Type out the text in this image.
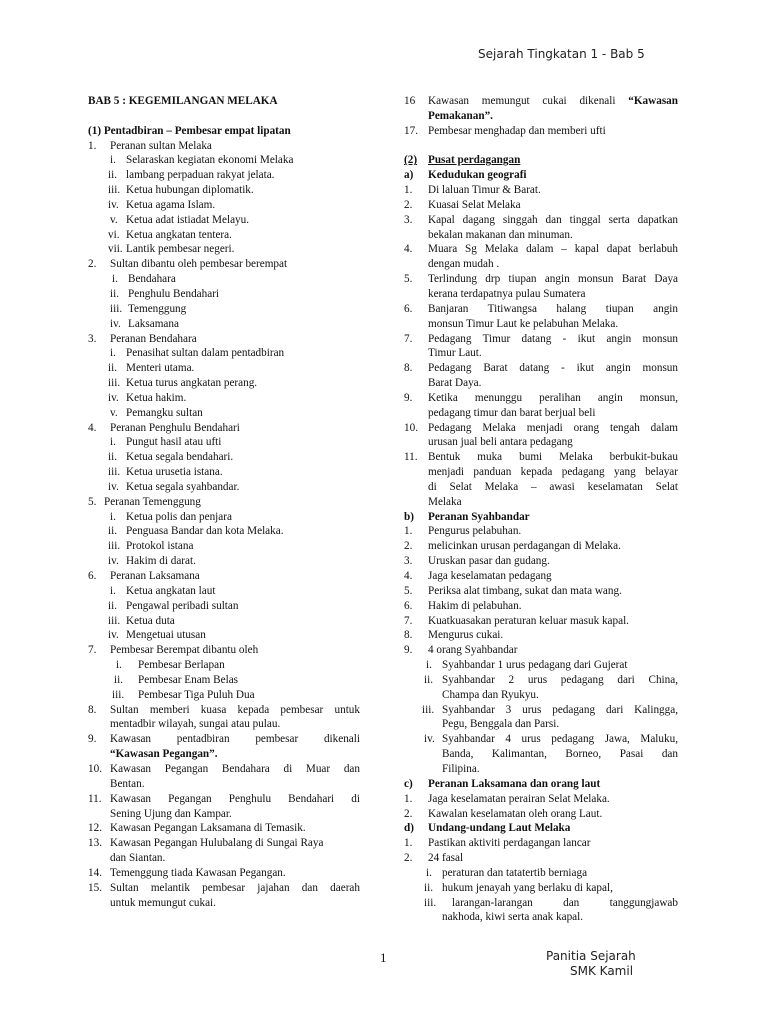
Sejarah Tingkatan 1 - Bab 5
BAB 5 : KEGEMILANGAN MELAKA
(1) Pentadbiran – Pembesar empat lipatan
1. Peranan sultan Melaka
i. Selaraskan kegiatan ekonomi Melaka
ii. lambang perpaduan rakyat jelata.
iii. Ketua hubungan diplomatik.
iv. Ketua agama Islam.
v. Ketua adat istiadat Melayu.
vi. Ketua angkatan tentera.
vii. Lantik pembesar negeri.
2. Sultan dibantu oleh pembesar berempat
i. Bendahara
ii. Penghulu Bendahari
iii. Temenggung
iv. Laksamana
3. Peranan Bendahara
i. Penasihat sultan dalam pentadbiran
ii. Menteri utama.
iii. Ketua turus angkatan perang.
iv. Ketua hakim.
v. Pemangku sultan
4. Peranan Penghulu Bendahari
i. Pungut hasil atau ufti
ii. Ketua segala bendahari.
iii. Ketua urusetia istana.
iv. Ketua segala syahbandar.
5. Peranan Temenggung
i. Ketua polis dan penjara
ii. Penguasa Bandar dan kota Melaka.
iii. Protokol istana
iv. Hakim di darat.
6. Peranan Laksamana
i. Ketua angkatan laut
ii. Pengawal peribadi sultan
iii. Ketua duta
iv. Mengetuai utusan
7. Pembesar Berempat dibantu oleh
i. Pembesar Berlapan
ii. Pembesar Enam Belas
iii. Pembesar Tiga Puluh Dua
8. Sultan memberi kuasa kepada pembesar untuk
mentadbir wilayah, sungai atau pulau.
9. Kawasan pentadbiran pembesar dikenali
“Kawasan Pegangan”.
10. Kawasan Pegangan Bendahara di Muar dan
Bentan.
11. Kawasan Pegangan Penghulu Bendahari di
Sening Ujung dan Kampar.
12. Kawasan Pegangan Laksamana di Temasik.
13. Kawasan Pegangan Hulubalang di Sungai Raya
dan Siantan.
14. Temenggung tiada Kawasan Pegangan.
15. Sultan melantik pembesar jajahan dan daerah
untuk memungut cukai.
16 Kawasan memungut cukai dikenali “Kawasan
Pemakanan”.
17. Pembesar menghadap dan memberi ufti
(2) Pusat perdagangan
a) Kedudukan geografi
1. Di laluan Timur & Barat.
2. Kuasai Selat Melaka
3. Kapal dagang singgah dan tinggal serta dapatkan
bekalan makanan dan minuman.
4. Muara Sg Melaka dalam – kapal dapat berlabuh
dengan mudah .
5. Terlindung drp tiupan angin monsun Barat Daya
kerana terdapatnya pulau Sumatera
6. Banjaran Titiwangsa halang tiupan angin
monsun Timur Laut ke pelabuhan Melaka.
7. Pedagang Timur datang - ikut angin monsun
Timur Laut.
8. Pedagang Barat datang - ikut angin monsun
Barat Daya.
9. Ketika menunggu peralihan angin monsun,
pedagang timur dan barat berjual beli
10. Pedagang Melaka menjadi orang tengah dalam
urusan jual beli antara pedagang
11. Bentuk muka bumi Melaka berbukit-bukau
menjadi panduan kepada pedagang yang belayar
di Selat Melaka – awasi keselamatan Selat
Melaka
b) Peranan Syahbandar
1. Pengurus pelabuhan.
2. melicinkan urusan perdagangan di Melaka.
3. Uruskan pasar dan gudang.
4. Jaga keselamatan pedagang
5. Periksa alat timbang, sukat dan mata wang.
6. Hakim di pelabuhan.
7. Kuatkuasakan peraturan keluar masuk kapal.
8. Mengurus cukai.
9. 4 orang Syahbandar
i. Syahbandar 1 urus pedagang dari Gujerat
ii. Syahbandar 2 urus pedagang dari China,
Champa dan Ryukyu.
iii. Syahbandar 3 urus pedagang dari Kalingga,
Pegu, Benggala dan Parsi.
iv. Syahbandar 4 urus pedagang Jawa, Maluku,
Banda, Kalimantan, Borneo, Pasai dan
Filipina.
c) Peranan Laksamana dan orang laut
1. Jaga keselamatan perairan Selat Melaka.
2. Kawalan keselamatan oleh orang Laut.
d) Undang-undang Laut Melaka
1. Pastikan aktiviti perdagangan lancar
2. 24 fasal
i. peraturan dan tatatertib berniaga
ii. hukum jenayah yang berlaku di kapal,
iii. larangan-larangan dan tanggungjawab
nakhoda, kiwi serta anak kapal.
1	Panitia Sejarah
SMK Kamil
